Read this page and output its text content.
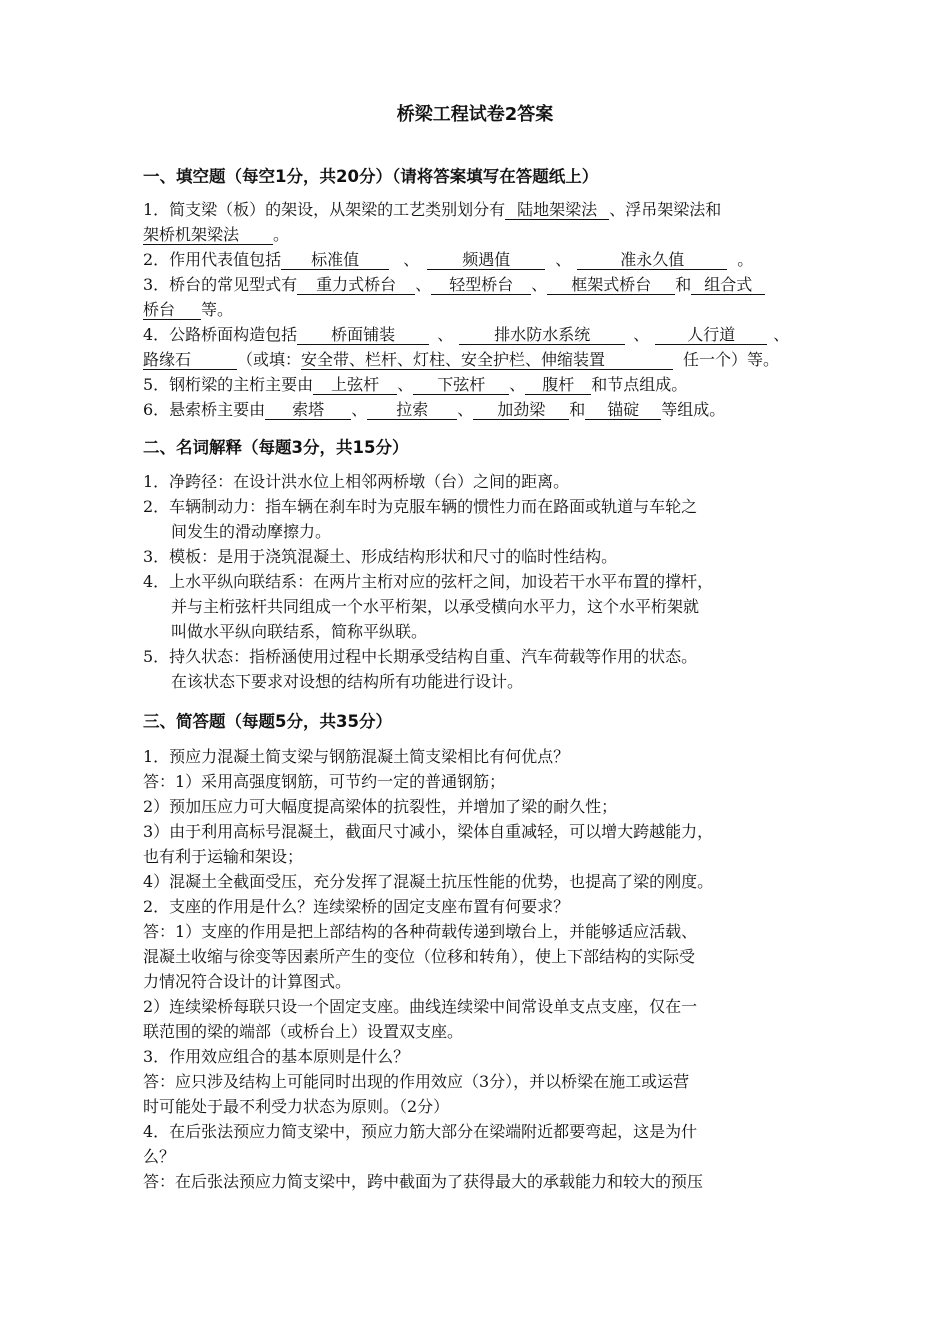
桥梁工程试卷2答案
一、填空题（每空1分，共20分）（请将答案填写在答题纸上）
1．简支梁（板）的架设，从架梁的工艺类别划分有 陆地架梁法 、浮吊架梁法和
架桥机架梁法 。
2．作用代表值包括 标准值	、	频遇值	、	准永久值	。
3．桥台的常见型式有 重力式桥台 、 轻型桥台 、 框架式桥台 和 组合式
桥台 等。
4．公路桥面构造包括 桥面铺装	、	排水防水系统	、 人行道 、
路缘石	（或填：安全带、栏杆、灯柱、安全护栏、伸缩装置	任一个）等。
5．钢桁梁的主桁主要由 上弦杆 、 下弦杆 、 腹杆 和节点组成。
6．悬索桥主要由 索塔 、 拉索 、 加劲梁 和 锚碇 等组成。
二、名词解释（每题3分，共15分）
1．净跨径：在设计洪水位上相邻两桥墩（台）之间的距离。
2．车辆制动力：指车辆在刹车时为克服车辆的惯性力而在路面或轨道与车轮之
间发生的滑动摩擦力。
3．模板：是用于浇筑混凝土、形成结构形状和尺寸的临时性结构。
4．上水平纵向联结系：在两片主桁对应的弦杆之间，加设若干水平布置的撑杆，
并与主桁弦杆共同组成一个水平桁架，以承受横向水平力，这个水平桁架就
叫做水平纵向联结系，简称平纵联。
5．持久状态：指桥涵使用过程中长期承受结构自重、汽车荷载等作用的状态。
在该状态下要求对设想的结构所有功能进行设计。
三、简答题（每题5分，共35分）
1．预应力混凝土简支梁与钢筋混凝土简支梁相比有何优点？
答：1）采用高强度钢筋，可节约一定的普通钢筋；
2）预加压应力可大幅度提高梁体的抗裂性，并增加了梁的耐久性；
3）由于利用高标号混凝土，截面尺寸减小，梁体自重减轻，可以增大跨越能力，
也有利于运输和架设；
4）混凝土全截面受压，充分发挥了混凝土抗压性能的优势，也提高了梁的刚度。
2．支座的作用是什么？连续梁桥的固定支座布置有何要求？
答：1）支座的作用是把上部结构的各种荷载传递到墩台上，并能够适应活载、
混凝土收缩与徐变等因素所产生的变位（位移和转角），使上下部结构的实际受
力情况符合设计的计算图式。
2）连续梁桥每联只设一个固定支座。曲线连续梁中间常设单支点支座，仅在一
联范围的梁的端部（或桥台上）设置双支座。
3．作用效应组合的基本原则是什么？
答：应只涉及结构上可能同时出现的作用效应（3分），并以桥梁在施工或运营
时可能处于最不利受力状态为原则。（2分）
4．在后张法预应力简支梁中，预应力筋大部分在梁端附近都要弯起，这是为什
么？
答：在后张法预应力简支梁中，跨中截面为了获得最大的承载能力和较大的预压
